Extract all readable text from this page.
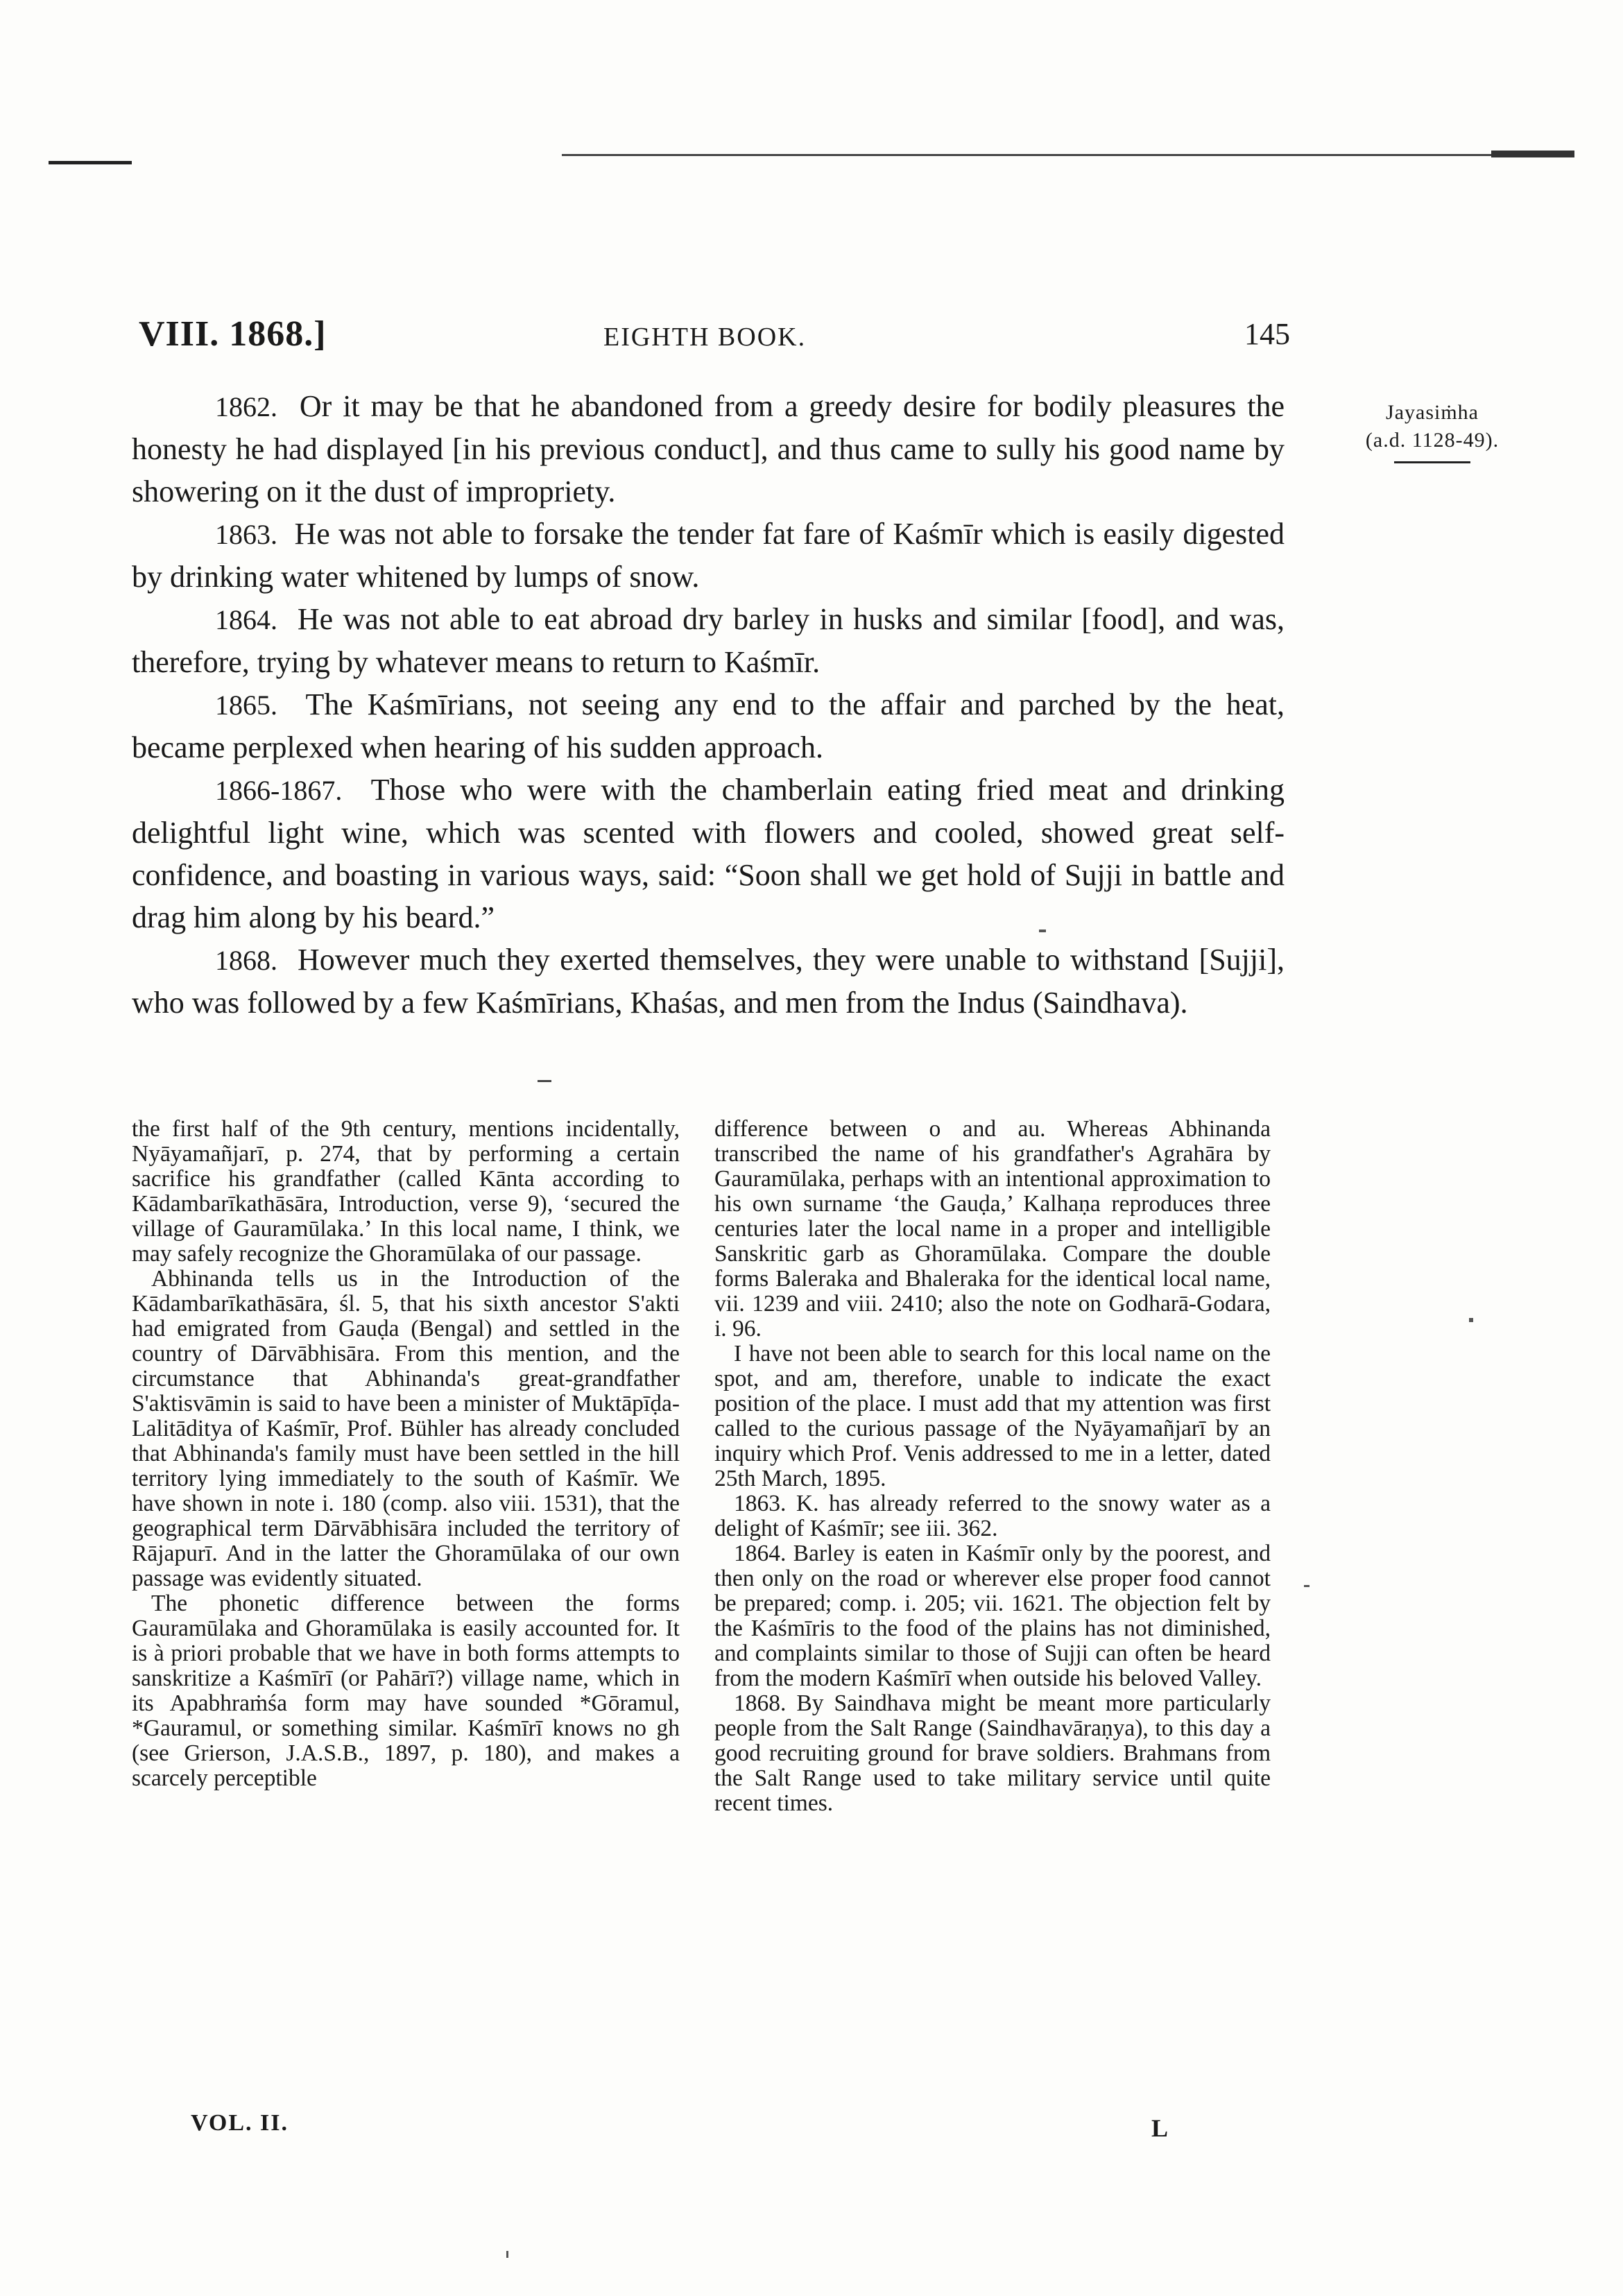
VIII. 1868.]	EIGHTH BOOK.	145
Jayasiṁha
(a.d. 1128-49).

1862. Or it may be that he abandoned from a greedy desire for bodily pleasures the honesty he had displayed [in his previous conduct], and thus came to sully his good name by showering on it the dust of impropriety.

1863. He was not able to forsake the tender fat fare of Kaśmīr which is easily digested by drinking water whitened by lumps of snow.

1864. He was not able to eat abroad dry barley in husks and similar [food], and was, therefore, trying by whatever means to return to Kaśmīr.

1865. The Kaśmīrians, not seeing any end to the affair and parched by the heat, became perplexed when hearing of his sudden approach.

1866-1867. Those who were with the chamberlain eating fried meat and drinking delightful light wine, which was scented with flowers and cooled, showed great self-confidence, and boasting in various ways, said: “Soon shall we get hold of Sujji in battle and drag him along by his beard.”

1868. However much they exerted themselves, they were unable to withstand [Sujji], who was followed by a few Kaśmīrians, Khaśas, and men from the Indus (Saindhava).

the first half of the 9th century, mentions incidentally, Nyāyamañjarī, p. 274, that by performing a certain sacrifice his grandfather (called Kānta according to Kādambarīkathāsāra, Introduction, verse 9), ‘secured the village of Gauramūlaka.’ In this local name, I think, we may safely recognize the Ghoramūlaka of our passage.

Abhinanda tells us in the Introduction of the Kādambarīkathāsāra, śl. 5, that his sixth ancestor S'akti had emigrated from Gauḍa (Bengal) and settled in the country of Dārvābhisāra. From this mention, and the circumstance that Abhinanda's great-grandfather S'aktisvāmin is said to have been a minister of Muktāpīḍa-Lalitāditya of Kaśmīr, Prof. Bühler has already concluded that Abhinanda's family must have been settled in the hill territory lying immediately to the south of Kaśmīr. We have shown in note i. 180 (comp. also viii. 1531), that the geographical term Dārvābhisāra included the territory of Rājapurī. And in the latter the Ghoramūlaka of our own passage was evidently situated.

The phonetic difference between the forms Gauramūlaka and Ghoramūlaka is easily accounted for. It is à priori probable that we have in both forms attempts to sanskritize a Kaśmīrī (or Pahārī?) village name, which in its Apabhraṁśa form may have sounded *Gōramul, *Gauramul, or something similar. Kaśmīrī knows no gh (see Grierson, J.A.S.B., 1897, p. 180), and makes a scarcely perceptible

difference between o and au. Whereas Abhinanda transcribed the name of his grandfather's Agrahāra by Gauramūlaka, perhaps with an intentional approximation to his own surname ‘the Gauḍa,’ Kalhaṇa reproduces three centuries later the local name in a proper and intelligible Sanskritic garb as Ghoramūlaka. Compare the double forms Baleraka and Bhaleraka for the identical local name, vii. 1239 and viii. 2410; also the note on Godharā-Godara, i. 96.

I have not been able to search for this local name on the spot, and am, therefore, unable to indicate the exact position of the place. I must add that my attention was first called to the curious passage of the Nyāyamañjarī by an inquiry which Prof. Venis addressed to me in a letter, dated 25th March, 1895.

1863. K. has already referred to the snowy water as a delight of Kaśmīr; see iii. 362.

1864. Barley is eaten in Kaśmīr only by the poorest, and then only on the road or wherever else proper food cannot be prepared; comp. i. 205; vii. 1621. The objection felt by the Kaśmīris to the food of the plains has not diminished, and complaints similar to those of Sujji can often be heard from the modern Kaśmīrī when outside his beloved Valley.

1868. By Saindhava might be meant more particularly people from the Salt Range (Saindhavāraṇya), to this day a good recruiting ground for brave soldiers. Brahmans from the Salt Range used to take military service until quite recent times.

VOL. II.	L
